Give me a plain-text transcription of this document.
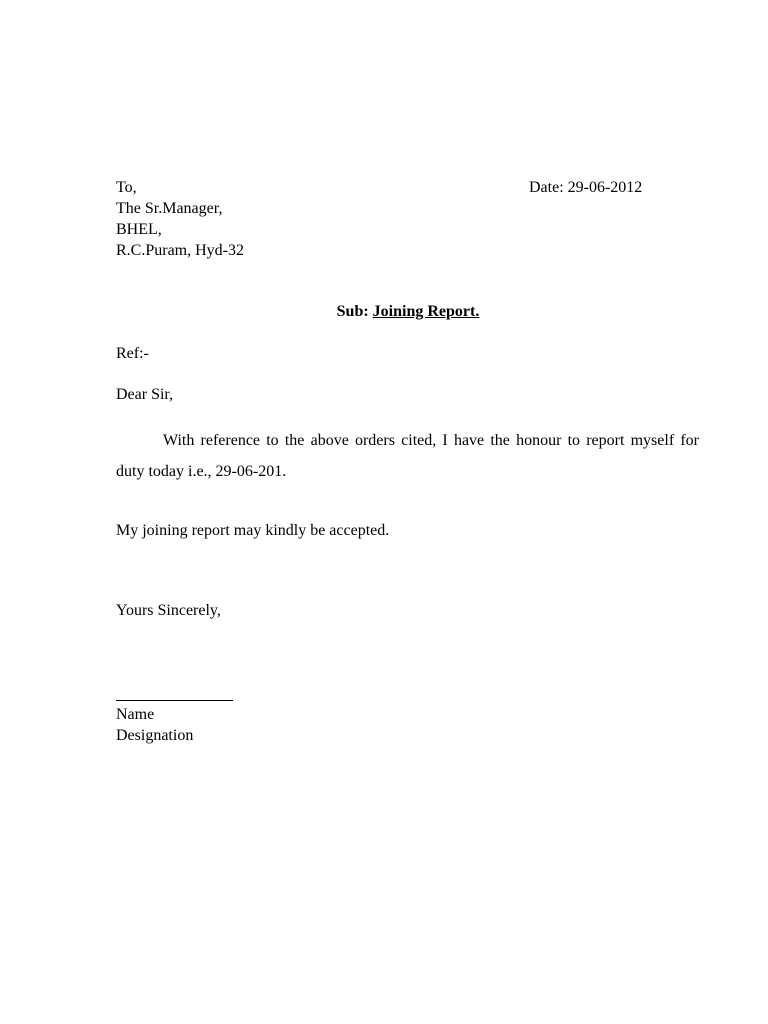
To,	Date: 29-06-2012
The Sr.Manager,
BHEL,
R.C.Puram, Hyd-32
Sub: Joining Report.
Ref:-
Dear Sir,
With reference to the above orders cited, I have the honour to report myself for duty today i.e., 29-06-201.
My joining report may kindly be accepted.
Yours Sincerely,
Name
Designation
